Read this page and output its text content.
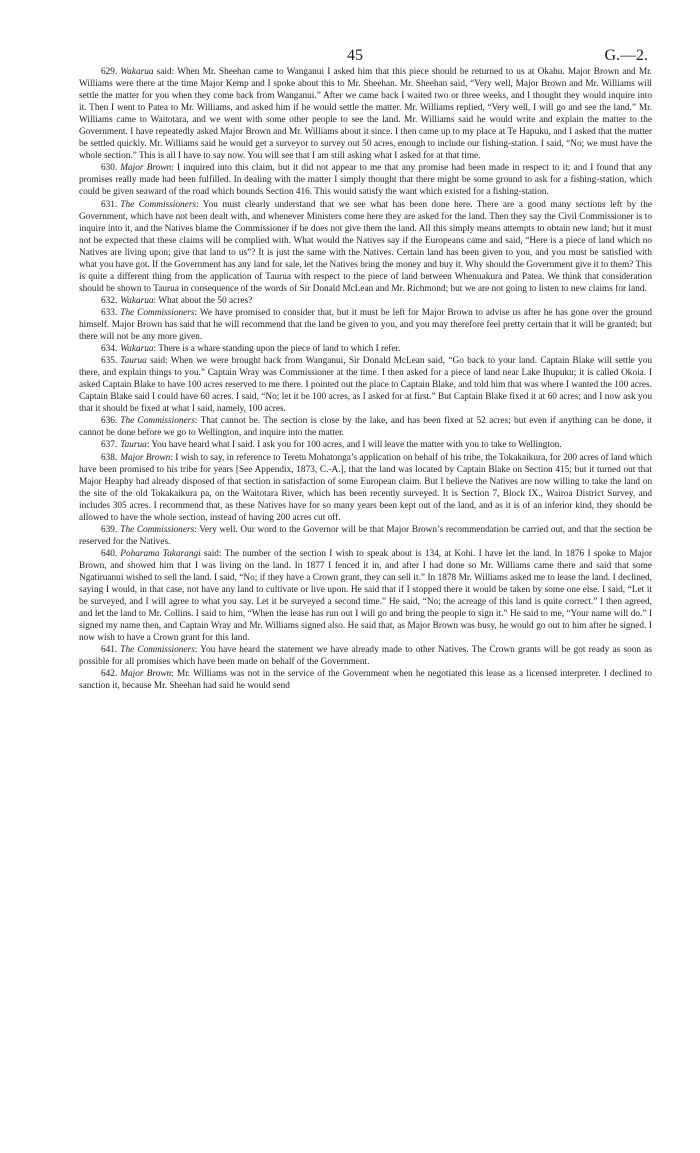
45	G.—2.

629. Wakarua said: When Mr. Sheehan came to Wanganui I asked him that this piece should be returned to us at Okahu. Major Brown and Mr. Williams were there at the time Major Kemp and I spoke about this to Mr. Sheehan. Mr. Sheehan said, “Very well, Major Brown and Mr. Williams will settle the matter for you when they come back from Wanganui.” After we came back I waited two or three weeks, and I thought they would inquire into it. Then I went to Patea to Mr. Williams, and asked him if he would settle the matter. Mr. Williams replied, “Very well, I will go and see the land.” Mr. Williams came to Waitotara, and we went with some other people to see the land. Mr. Williams said he would write and explain the matter to the Government. I have repeatedly asked Major Brown and Mr. Williams about it since. I then came up to my place at Te Hapuku, and I asked that the matter be settled quickly. Mr. Williams said he would get a surveyor to survey out 50 acres, enough to include our fishing-station. I said, “No; we must have the whole section.” This is all I have to say now. You will see that I am still asking what I asked for at that time.

630. Major Brown: I inquired into this claim, but it did not appear to me that any promise had been made in respect to it; and I found that any promises really made had been fulfilled. In dealing with the matter I simply thought that there might be some ground to ask for a fishing-station, which could be given seaward of the road which bounds Section 416. This would satisfy the want which existed for a fishing-station.

631. The Commissioners: You must clearly understand that we see what has been done here. There are a good many sections left by the Government, which have not been dealt with, and whenever Ministers come here they are asked for the land. Then they say the Civil Commissioner is to inquire into it, and the Natives blame the Commissioner if he does not give them the land. All this simply means attempts to obtain new land; but it must not be expected that these claims will be complied with. What would the Natives say if the Europeans came and said, “Here is a piece of land which no Natives are living upon; give that land to us”? It is just the same with the Natives. Certain land has been given to you, and you must be satisfied with what you have got. If the Government has any land for sale, let the Natives bring the money and buy it. Why should the Government give it to them? This is quite a different thing from the application of Taurua with respect to the piece of land between Whenuakura and Patea. We think that consideration should be shown to Taurua in consequence of the words of Sir Donald McLean and Mr. Richmond; but we are not going to listen to new claims for land.

632. Wakarua: What about the 50 acres?

633. The Commissioners: We have promised to consider that, but it must be left for Major Brown to advise us after he has gone over the ground himself. Major Brown has said that he will recommend that the land be given to you, and you may therefore feel pretty certain that it will be granted; but there will not be any more given.

634. Wakarua: There is a whare standing upon the piece of land to which I refer.

635. Taurua said: When we were brought back from Wanganui, Sir Donald McLean said, “Go back to your land. Captain Blake will settle you there, and explain things to you.” Captain Wray was Commissioner at the time. I then asked for a piece of land near Lake Ihupuku; it is called Okoia. I asked Captain Blake to have 100 acres reserved to me there. I pointed out the place to Captain Blake, and told him that was where I wanted the 100 acres. Captain Blake said I could have 60 acres. I said, “No; let it be 100 acres, as I asked for at first.” But Captain Blake fixed it at 60 acres; and I now ask you that it should be fixed at what I said, namely, 100 acres.

636. The Commissioners: That cannot be. The section is close by the lake, and has been fixed at 52 acres; but even if anything can be done, it cannot be done before we go to Wellington, and inquire into the matter.

637. Taurua: You have heard what I said. I ask you for 100 acres, and I will leave the matter with you to take to Wellington.

638. Major Brown: I wish to say, in reference to Teretu Mohatonga’s application on behalf of his tribe, the Tokakaikura, for 200 acres of land which have been promised to his tribe for years [See Appendix, 1873, C.-A.], that the land was located by Captain Blake on Section 415; but it turned out that Major Heaphy had already disposed of that section in satisfaction of some European claim. But I believe the Natives are now willing to take the land on the site of the old Tokakaikura pa, on the Waitotara River, which has been recently surveyed. It is Section 7, Block IX., Wairoa District Survey, and includes 305 acres. I recommend that, as these Natives have for so many years been kept out of the land, and as it is of an inferior kind, they should be allowed to have the whole section, instead of having 200 acres cut off.

639. The Commissioners: Very well. Our word to the Governor will be that Major Brown’s recommendation be carried out, and that the section be reserved for the Natives.

640. Poharama Takarangi said: The number of the section I wish to speak about is 134, at Kohi. I have let the land. In 1876 I spoke to Major Brown, and showed him that I was living on the land. In 1877 I fenced it in, and after I had done so Mr. Williams came there and said that some Ngatiruanui wished to sell the land. I said, “No; if they have a Crown grant, they can sell it.” In 1878 Mr. Williams asked me to lease the land. I declined, saying I would, in that case, not have any land to cultivate or live upon. He said that if I stopped there it would be taken by some one else. I said, “Let it be surveyed, and I will agree to what you say. Let it be surveyed a second time.” He said, “No; the acreage of this land is quite correct.” I then agreed, and let the land to Mr. Collins. I said to him, “When the lease has run out I will go and bring the people to sign it.” He said to me, “Your name will do.” I signed my name then, and Captain Wray and Mr. Williams signed also. He said that, as Major Brown was busy, he would go out to him after he signed. I now wish to have a Crown grant for this land.

641. The Commissioners: You have heard the statement we have already made to other Natives. The Crown grants will be got ready as soon as possible for all promises which have been made on behalf of the Government.

642. Major Brown: Mr. Williams was not in the service of the Government when he negotiated this lease as a licensed interpreter. I declined to sanction it, because Mr. Sheehan had said he would send
